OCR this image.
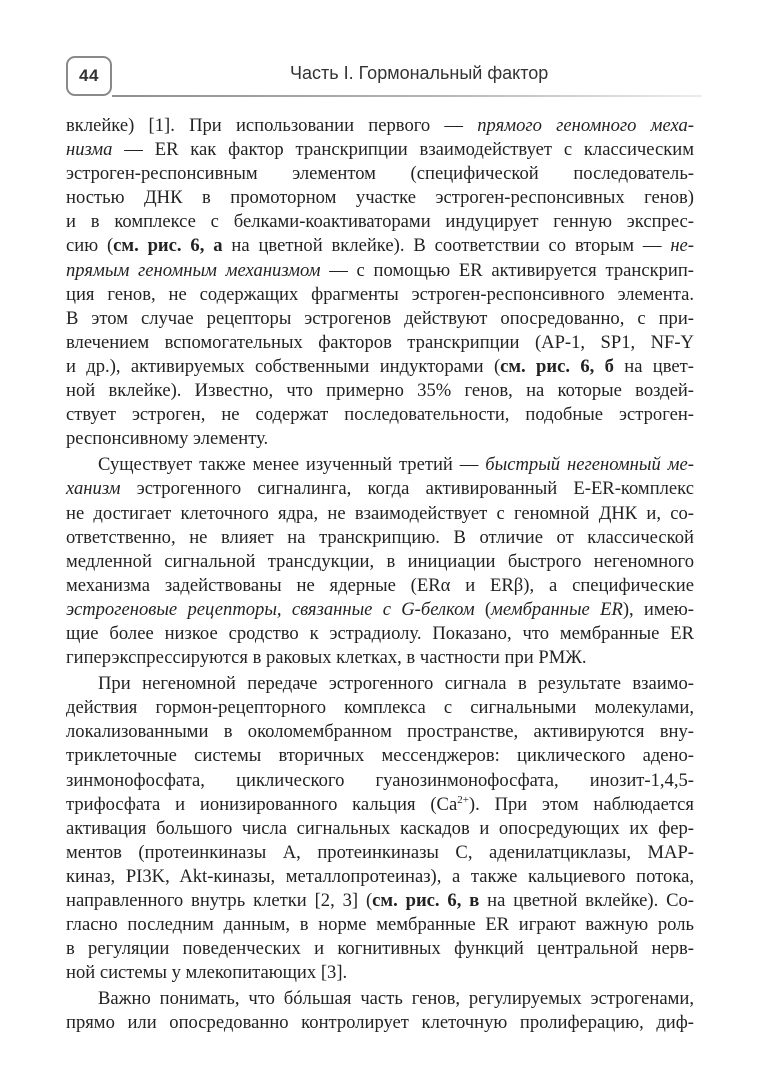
44	Часть I. Гормональный фактор
вклейке) [1]. При использовании первого — прямого геномного меха-
низма — ER как фактор транскрипции взаимодействует с классическим
эстроген-респонсивным элементом (специфической последователь-
ностью ДНК в промоторном участке эстроген-респонсивных генов)
и в комплексе с белками-коактиваторами индуцирует генную экспрес-
сию (см. рис. 6, а на цветной вклейке). В соответствии со вторым — не-
прямым геномным механизмом — с помощью ER активируется транскрип-
ция генов, не содержащих фрагменты эстроген-респонсивного элемента.
В этом случае рецепторы эстрогенов действуют опосредованно, с при-
влечением вспомогательных факторов транскрипции (AP-1, SP1, NF-Y
и др.), активируемых собственными индукторами (см. рис. 6, б на цвет-
ной вклейке). Известно, что примерно 35% генов, на которые воздей-
ствует эстроген, не содержат последовательности, подобные эстроген-
респонсивному элементу.
Существует также менее изученный третий — быстрый негеномный ме-
ханизм эстрогенного сигналинга, когда активированный E-ER-комплекс
не достигает клеточного ядра, не взаимодействует с геномной ДНК и, со-
ответственно, не влияет на транскрипцию. В отличие от классической
медленной сигнальной трансдукции, в инициации быстрого негеномного
механизма задействованы не ядерные (ERα и ERβ), а специфические
эстрогеновые рецепторы, связанные с G-белком (мембранные ER), имею-
щие более низкое сродство к эстрадиолу. Показано, что мембранные ER
гиперэкспрессируются в раковых клетках, в частности при РМЖ.
При негеномной передаче эстрогенного сигнала в результате взаимо-
действия гормон-рецепторного комплекса с сигнальными молекулами,
локализованными в околомембранном пространстве, активируются вну-
триклеточные системы вторичных мессенджеров: циклического адено-
зинмонофосфата, циклического гуанозинмонофосфата, инозит-1,4,5-
трифосфата и ионизированного кальция $(Ca^{2+})$. При этом наблюдается
активация большого числа сигнальных каскадов и опосредующих их фер-
ментов (протеинкиназы A, протеинкиназы C, аденилатциклазы, MAP-
киназ, PI3K, Akt-киназы, металлопротеиназ), а также кальциевого потока,
направленного внутрь клетки [2, 3] (см. рис. 6, в на цветной вклейке). Со-
гласно последним данным, в норме мембранные ER играют важную роль
в регуляции поведенческих и когнитивных функций центральной нерв-
ной системы у млекопитающих [3].
Важно понимать, что бóльшая часть генов, регулируемых эстрогенами,
прямо или опосредованно контролирует клеточную пролиферацию, диф-
